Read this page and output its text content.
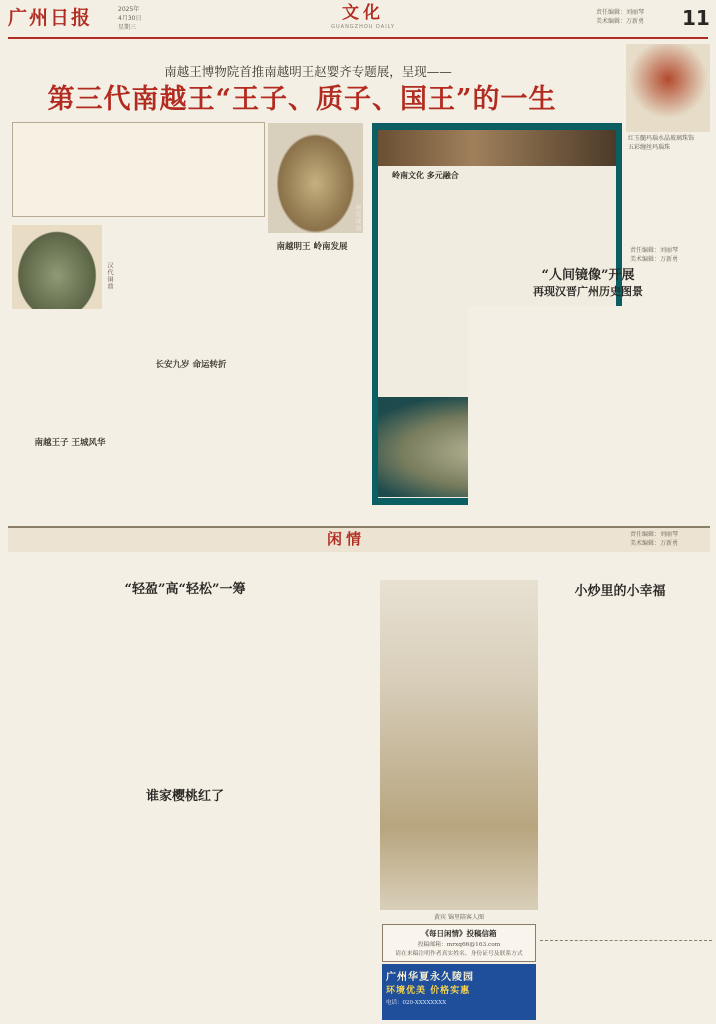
广州日报	2025年
4月30日
星期三
文化
GUANGZHOU DAILY
责任编辑：刘丽琴
美术编辑：万新勇	11
南越王博物院首推南越明王赵婴齐专题展，呈现——
第三代南越王“王子、质子、国王”的一生
汉代铜鼎
展览现场
南越王子 王城风华
南越明王 岭南发展
长安九岁 命运转折
岭南文化 多元融合
红玉髓玛瑙水晶玻璃珠饰
五彩缠丝玛瑙珠
责任编辑：刘丽琴
美术编辑：万新勇
“人间镜像”开展
再现汉晋广州历史图景
闲情	责任编辑：刘丽琴
美术编辑：万新勇
“轻盈”高“轻松”一筹
谁家樱桃红了
黄宾 锦里陪客人图
《每日闲情》投稿信箱
投稿邮箱：mrxq66@163.com
请在来稿注明作者真实姓名、身份证号及联系方式
广州华夏永久陵园
环境优美 价格实惠
电话：020-XXXXXXXX
小炒里的小幸福
